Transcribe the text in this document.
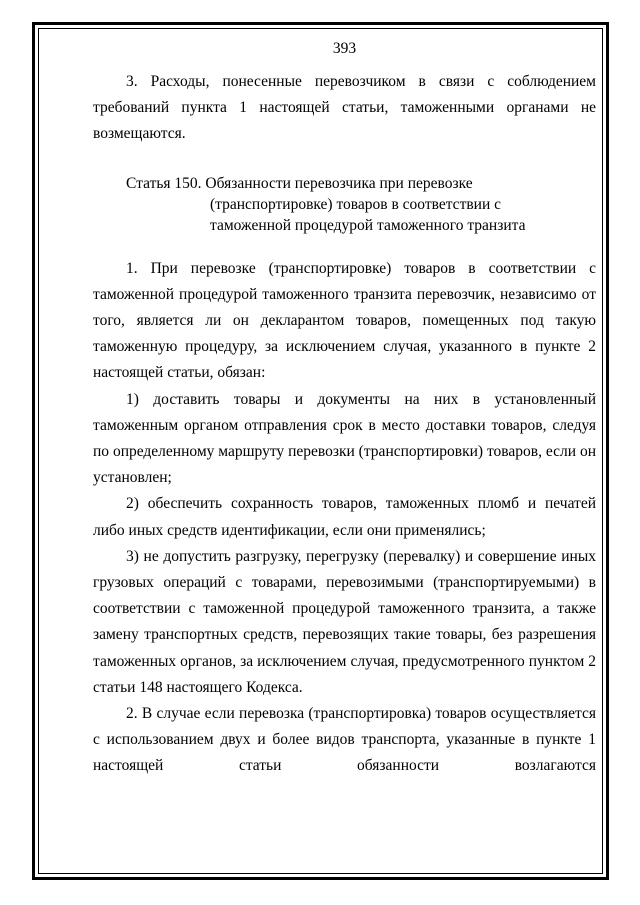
393

3. Расходы, понесенные перевозчиком в связи с соблюдением требований пункта 1 настоящей статьи, таможенными органами не возмещаются.

Статья 150. Обязанности перевозчика при перевозке
(транспортировке) товаров в соответствии с
таможенной процедурой таможенного транзита

1. При перевозке (транспортировке) товаров в соответствии с таможенной процедурой таможенного транзита перевозчик, независимо от того, является ли он декларантом товаров, помещенных под такую таможенную процедуру, за исключением случая, указанного в пункте 2 настоящей статьи, обязан:

1) доставить товары и документы на них в установленный таможенным органом отправления срок в место доставки товаров, следуя по определенному маршруту перевозки (транспортировки) товаров, если он установлен;

2) обеспечить сохранность товаров, таможенных пломб и печатей либо иных средств идентификации, если они применялись;

3) не допустить разгрузку, перегрузку (перевалку) и совершение иных грузовых операций с товарами, перевозимыми (транспортируемыми) в соответствии с таможенной процедурой таможенного транзита, а также замену транспортных средств, перевозящих такие товары, без разрешения таможенных органов, за исключением случая, предусмотренного пунктом 2 статьи 148 настоящего Кодекса.

2. В случае если перевозка (транспортировка) товаров осуществляется с использованием двух и более видов транспорта, указанные в пункте 1 настоящей статьи обязанности возлагаются
